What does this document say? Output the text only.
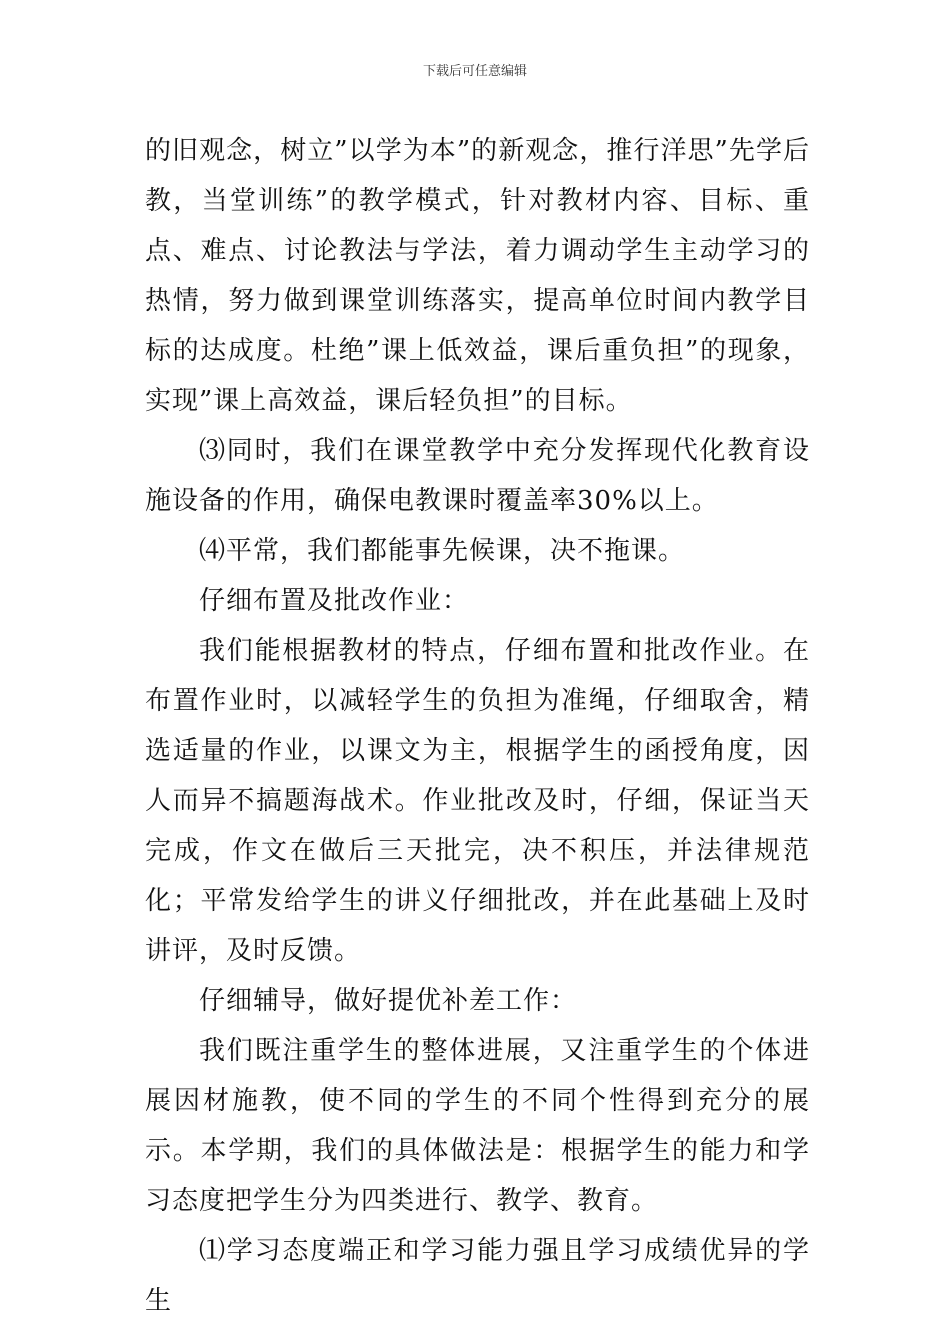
下载后可任意编辑

的旧观念，树立”以学为本”的新观念，推行洋思”先学后教，当堂训练”的教学模式，针对教材内容、目标、重点、难点、讨论教法与学法，着力调动学生主动学习的热情，努力做到课堂训练落实，提高单位时间内教学目标的达成度。杜绝”课上低效益，课后重负担”的现象，实现”课上高效益，课后轻负担”的目标。

⑶同时，我们在课堂教学中充分发挥现代化教育设施设备的作用，确保电教课时覆盖率30%以上。

⑷平常，我们都能事先候课，决不拖课。

仔细布置及批改作业：

我们能根据教材的特点，仔细布置和批改作业。在布置作业时，以减轻学生的负担为准绳，仔细取舍，精选适量的作业，以课文为主，根据学生的函授角度，因人而异不搞题海战术。作业批改及时，仔细，保证当天完成，作文在做后三天批完，决不积压，并法律规范化；平常发给学生的讲义仔细批改，并在此基础上及时讲评，及时反馈。

仔细辅导，做好提优补差工作：

我们既注重学生的整体进展，又注重学生的个体进展因材施教，使不同的学生的不同个性得到充分的展示。本学期，我们的具体做法是：根据学生的能力和学习态度把学生分为四类进行、教学、教育。

⑴学习态度端正和学习能力强且学习成绩优异的学生
